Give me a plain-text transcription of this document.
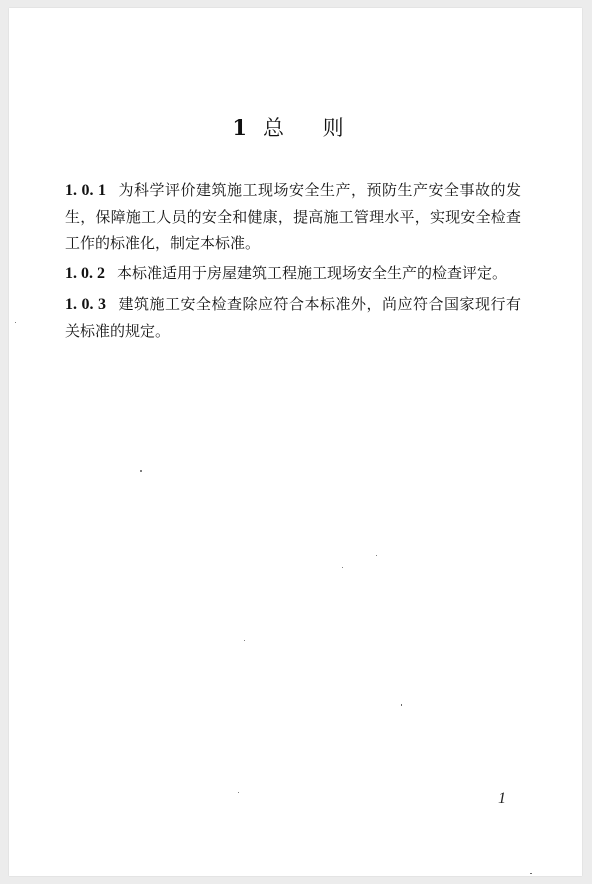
1 总 则

1. 0. 1 为科学评价建筑施工现场安全生产，预防生产安全事故的发生，保障施工人员的安全和健康，提高施工管理水平，实现安全检查工作的标准化，制定本标准。

1. 0. 2 本标准适用于房屋建筑工程施工现场安全生产的检查评定。

1. 0. 3 建筑施工安全检查除应符合本标准外，尚应符合国家现行有关标准的规定。

1
